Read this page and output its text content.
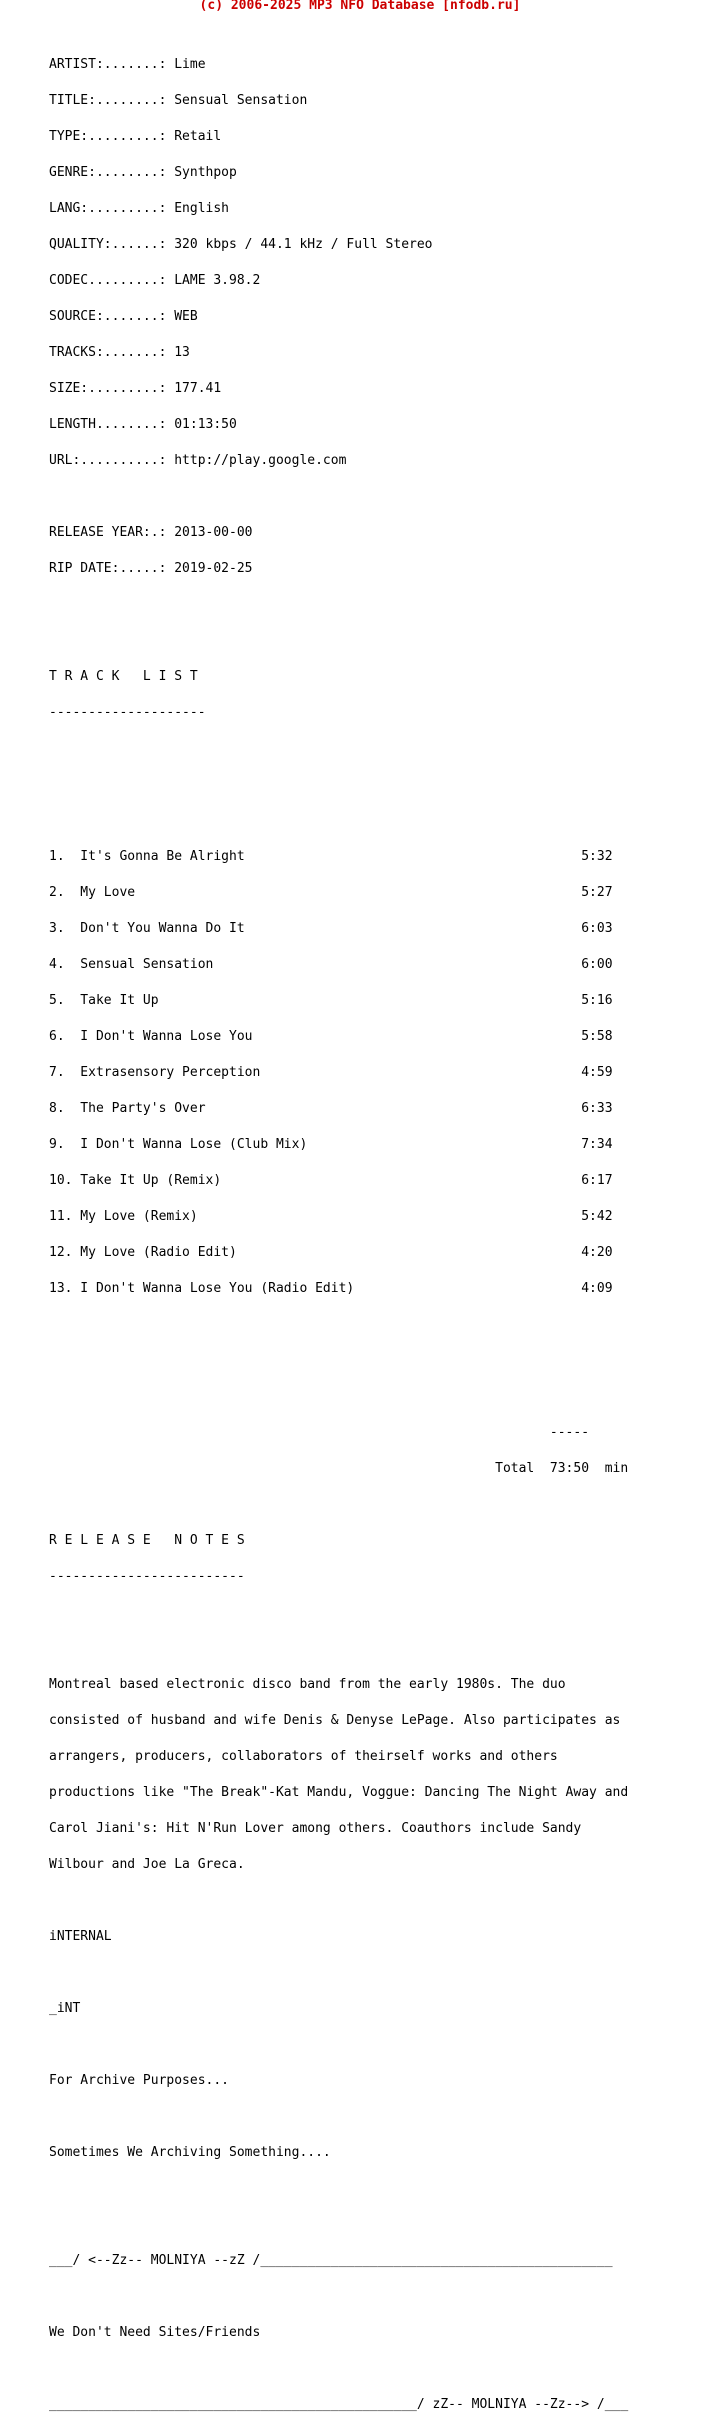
(c) 2006-2025 MP3 NFO Database [nfodb.ru]

ARTIST:.......: Lime

TITLE:........: Sensual Sensation

TYPE:.........: Retail

GENRE:........: Synthpop

LANG:.........: English

QUALITY:......: 320 kbps / 44.1 kHz / Full Stereo

CODEC.........: LAME 3.98.2

SOURCE:.......: WEB

TRACKS:.......: 13

SIZE:.........: 177.41

LENGTH........: 01:13:50

URL:..........: http://play.google.com

RELEASE YEAR:.: 2013-00-00

RIP DATE:.....: 2019-02-25

T R A C K   L I S T

--------------------

1.  It's Gonna Be Alright                                           5:32

2.  My Love                                                         5:27

3.  Don't You Wanna Do It                                           6:03

4.  Sensual Sensation                                               6:00

5.  Take It Up                                                      5:16

6.  I Don't Wanna Lose You                                          5:58

7.  Extrasensory Perception                                         4:59

8.  The Party's Over                                                6:33

9.  I Don't Wanna Lose (Club Mix)                                   7:34

10. Take It Up (Remix)                                              6:17

11. My Love (Remix)                                                 5:42

12. My Love (Radio Edit)                                            4:20

13. I Don't Wanna Lose You (Radio Edit)                             4:09

-----

Total  73:50  min

R E L E A S E   N O T E S

-------------------------

Montreal based electronic disco band from the early 1980s. The duo

consisted of husband and wife Denis & Denyse LePage. Also participates as

arrangers, producers, collaborators of theirself works and others

productions like "The Break"-Kat Mandu, Voggue: Dancing The Night Away and

Carol Jiani's: Hit N'Run Lover among others. Coauthors include Sandy

Wilbour and Joe La Greca.

iNTERNAL

_iNT

For Archive Purposes...

Sometimes We Archiving Something....

___/ <--Zz-- MOLNIYA --zZ /_____________________________________________

We Don't Need Sites/Friends

_______________________________________________/ zZ-- MOLNIYA --Zz--> /___
